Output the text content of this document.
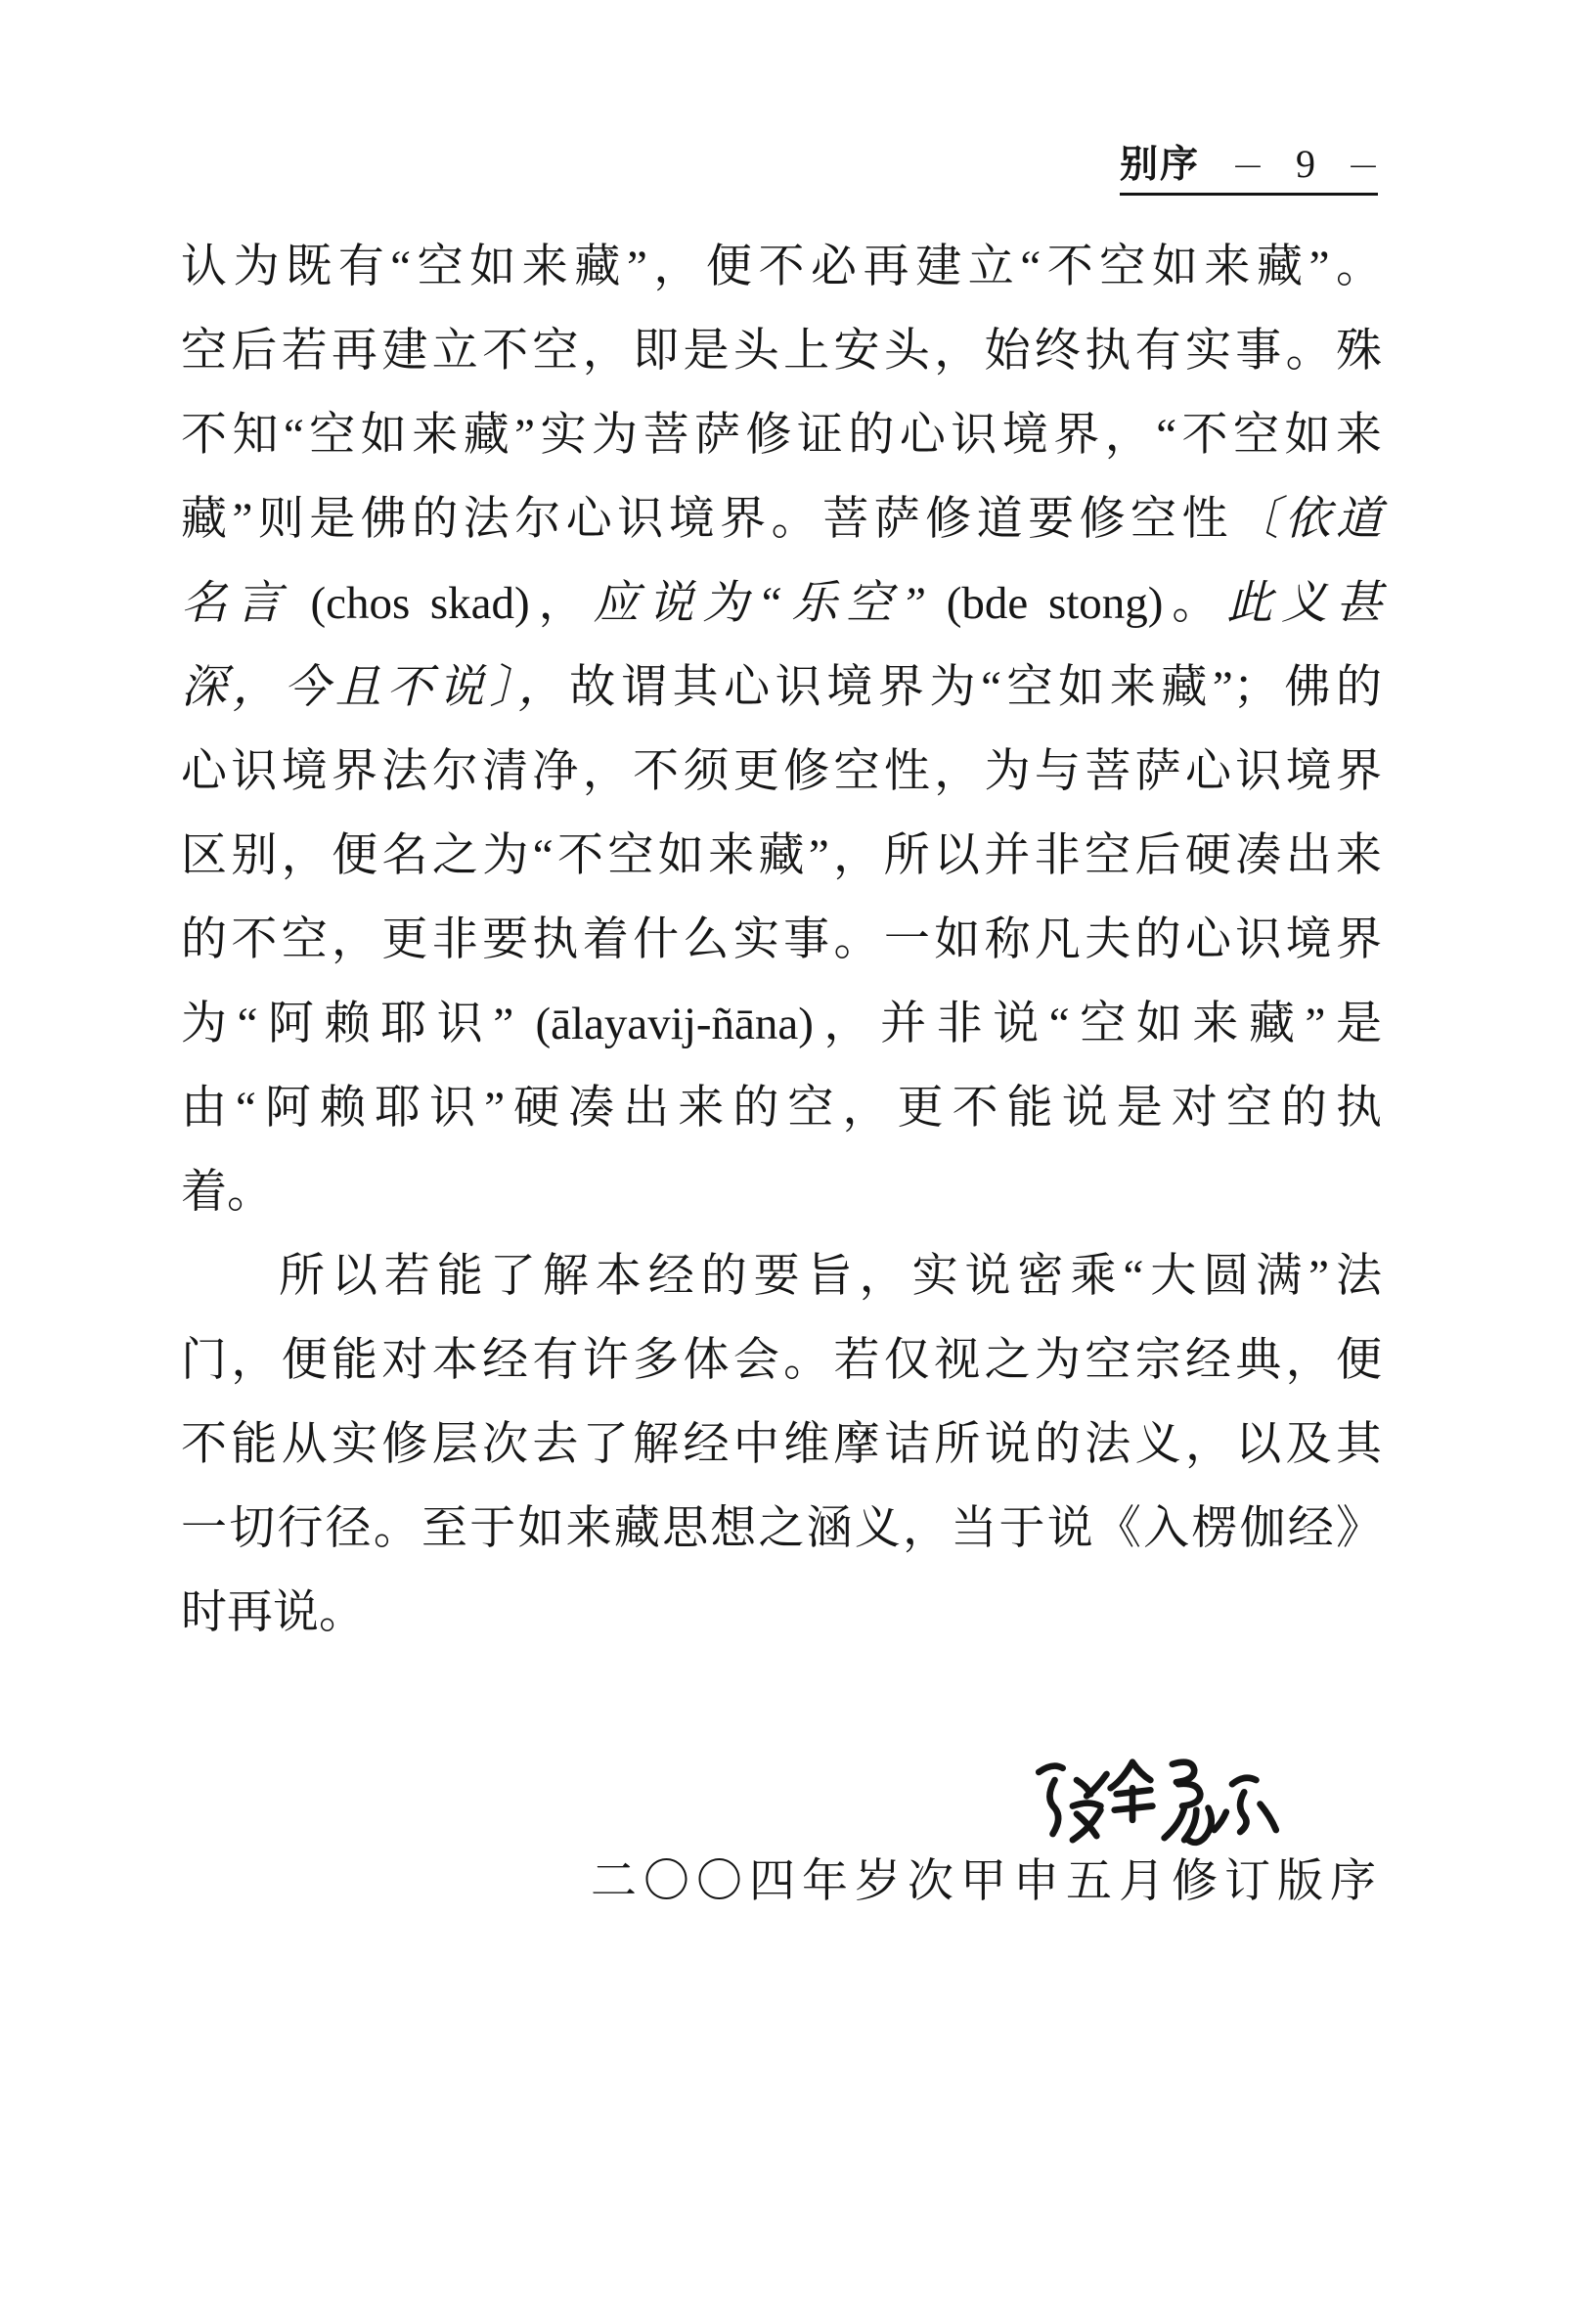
别序 — 9 —
认为既有“空如来藏”，便不必再建立“不空如来藏”。
空后若再建立不空，即是头上安头，始终执有实事。殊
不知“空如来藏”实为菩萨修证的心识境界，“不空如来
藏”则是佛的法尔心识境界。菩萨修道要修空性〔依道
名言 (chos skad)，应说为“乐空” (bde stong)。此义甚
深，今且不说〕，故谓其心识境界为“空如来藏”；佛的
心识境界法尔清净，不须更修空性，为与菩萨心识境界
区别，便名之为“不空如来藏”，所以并非空后硬凑出来
的不空，更非要执着什么实事。一如称凡夫的心识境界
为“阿赖耶识” (ālayavij-ñāna)，并非说“空如来藏”是
由“阿赖耶识”硬凑出来的空，更不能说是对空的执
着。
所以若能了解本经的要旨，实说密乘“大圆满”法
门，便能对本经有许多体会。若仅视之为空宗经典，便
不能从实修层次去了解经中维摩诘所说的法义，以及其
一切行径。至于如来藏思想之涵义，当于说《入楞伽经》
时再说。
二〇〇四年岁次甲申五月修订版序
